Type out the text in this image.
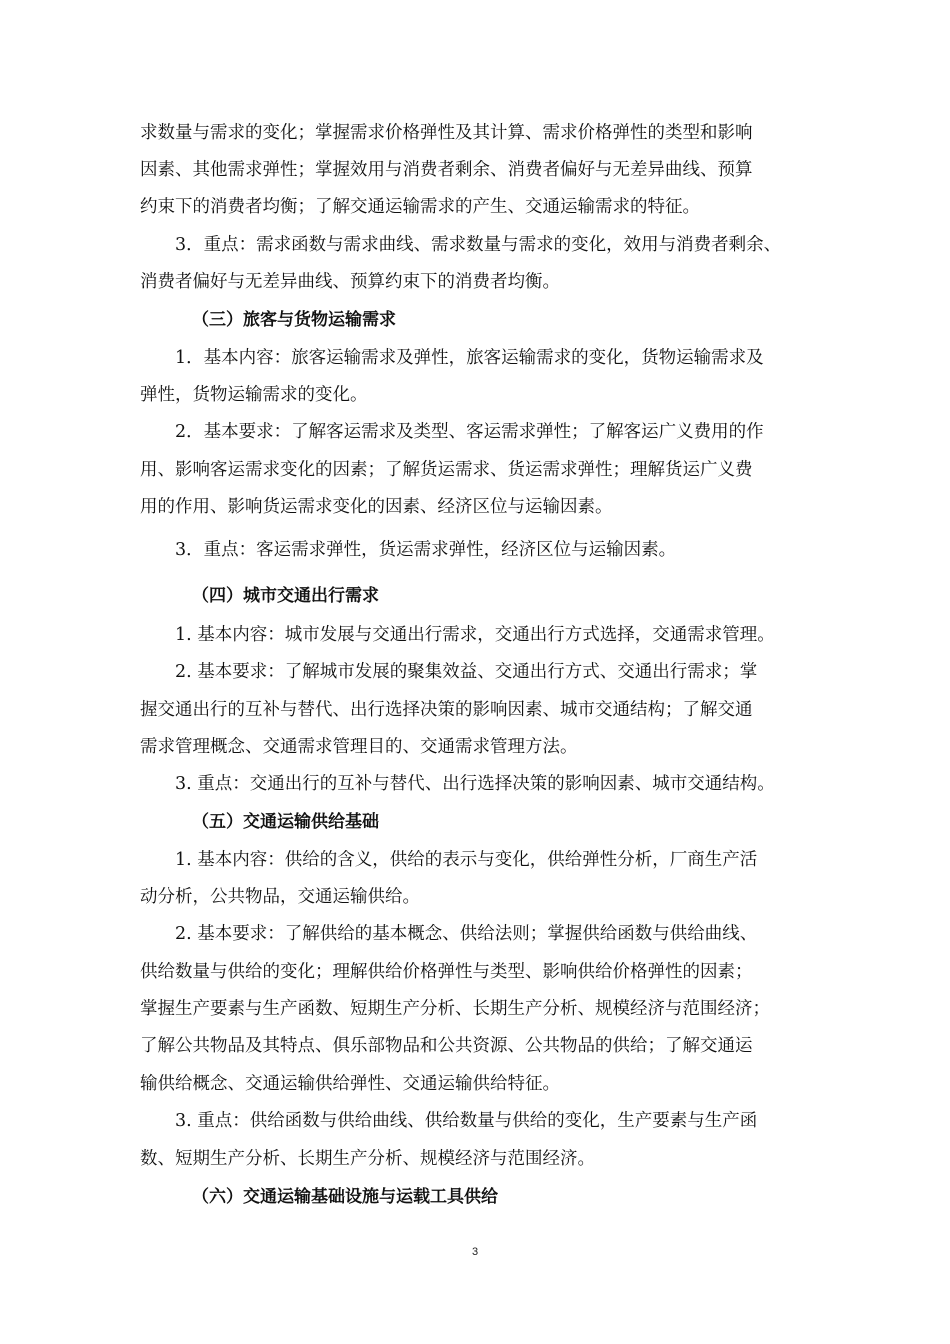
求数量与需求的变化；掌握需求价格弹性及其计算、需求价格弹性的类型和影响
因素、其他需求弹性；掌握效用与消费者剩余、消费者偏好与无差异曲线、预算
约束下的消费者均衡；了解交通运输需求的产生、交通运输需求的特征。
3．重点：需求函数与需求曲线、需求数量与需求的变化，效用与消费者剩余、
消费者偏好与无差异曲线、预算约束下的消费者均衡。
（三）旅客与货物运输需求
1．基本内容：旅客运输需求及弹性，旅客运输需求的变化，货物运输需求及
弹性，货物运输需求的变化。
2．基本要求：了解客运需求及类型、客运需求弹性；了解客运广义费用的作
用、影响客运需求变化的因素；了解货运需求、货运需求弹性；理解货运广义费
用的作用、影响货运需求变化的因素、经济区位与运输因素。
3．重点：客运需求弹性，货运需求弹性，经济区位与运输因素。
（四）城市交通出行需求
1. 基本内容：城市发展与交通出行需求，交通出行方式选择，交通需求管理。
2. 基本要求：了解城市发展的聚集效益、交通出行方式、交通出行需求；掌
握交通出行的互补与替代、出行选择决策的影响因素、城市交通结构；了解交通
需求管理概念、交通需求管理目的、交通需求管理方法。
3. 重点：交通出行的互补与替代、出行选择决策的影响因素、城市交通结构。
（五）交通运输供给基础
1. 基本内容：供给的含义，供给的表示与变化，供给弹性分析，厂商生产活
动分析，公共物品，交通运输供给。
2. 基本要求：了解供给的基本概念、供给法则；掌握供给函数与供给曲线、
供给数量与供给的变化；理解供给价格弹性与类型、影响供给价格弹性的因素；
掌握生产要素与生产函数、短期生产分析、长期生产分析、规模经济与范围经济；
了解公共物品及其特点、俱乐部物品和公共资源、公共物品的供给；了解交通运
输供给概念、交通运输供给弹性、交通运输供给特征。
3. 重点：供给函数与供给曲线、供给数量与供给的变化，生产要素与生产函
数、短期生产分析、长期生产分析、规模经济与范围经济。
（六）交通运输基础设施与运载工具供给
3
